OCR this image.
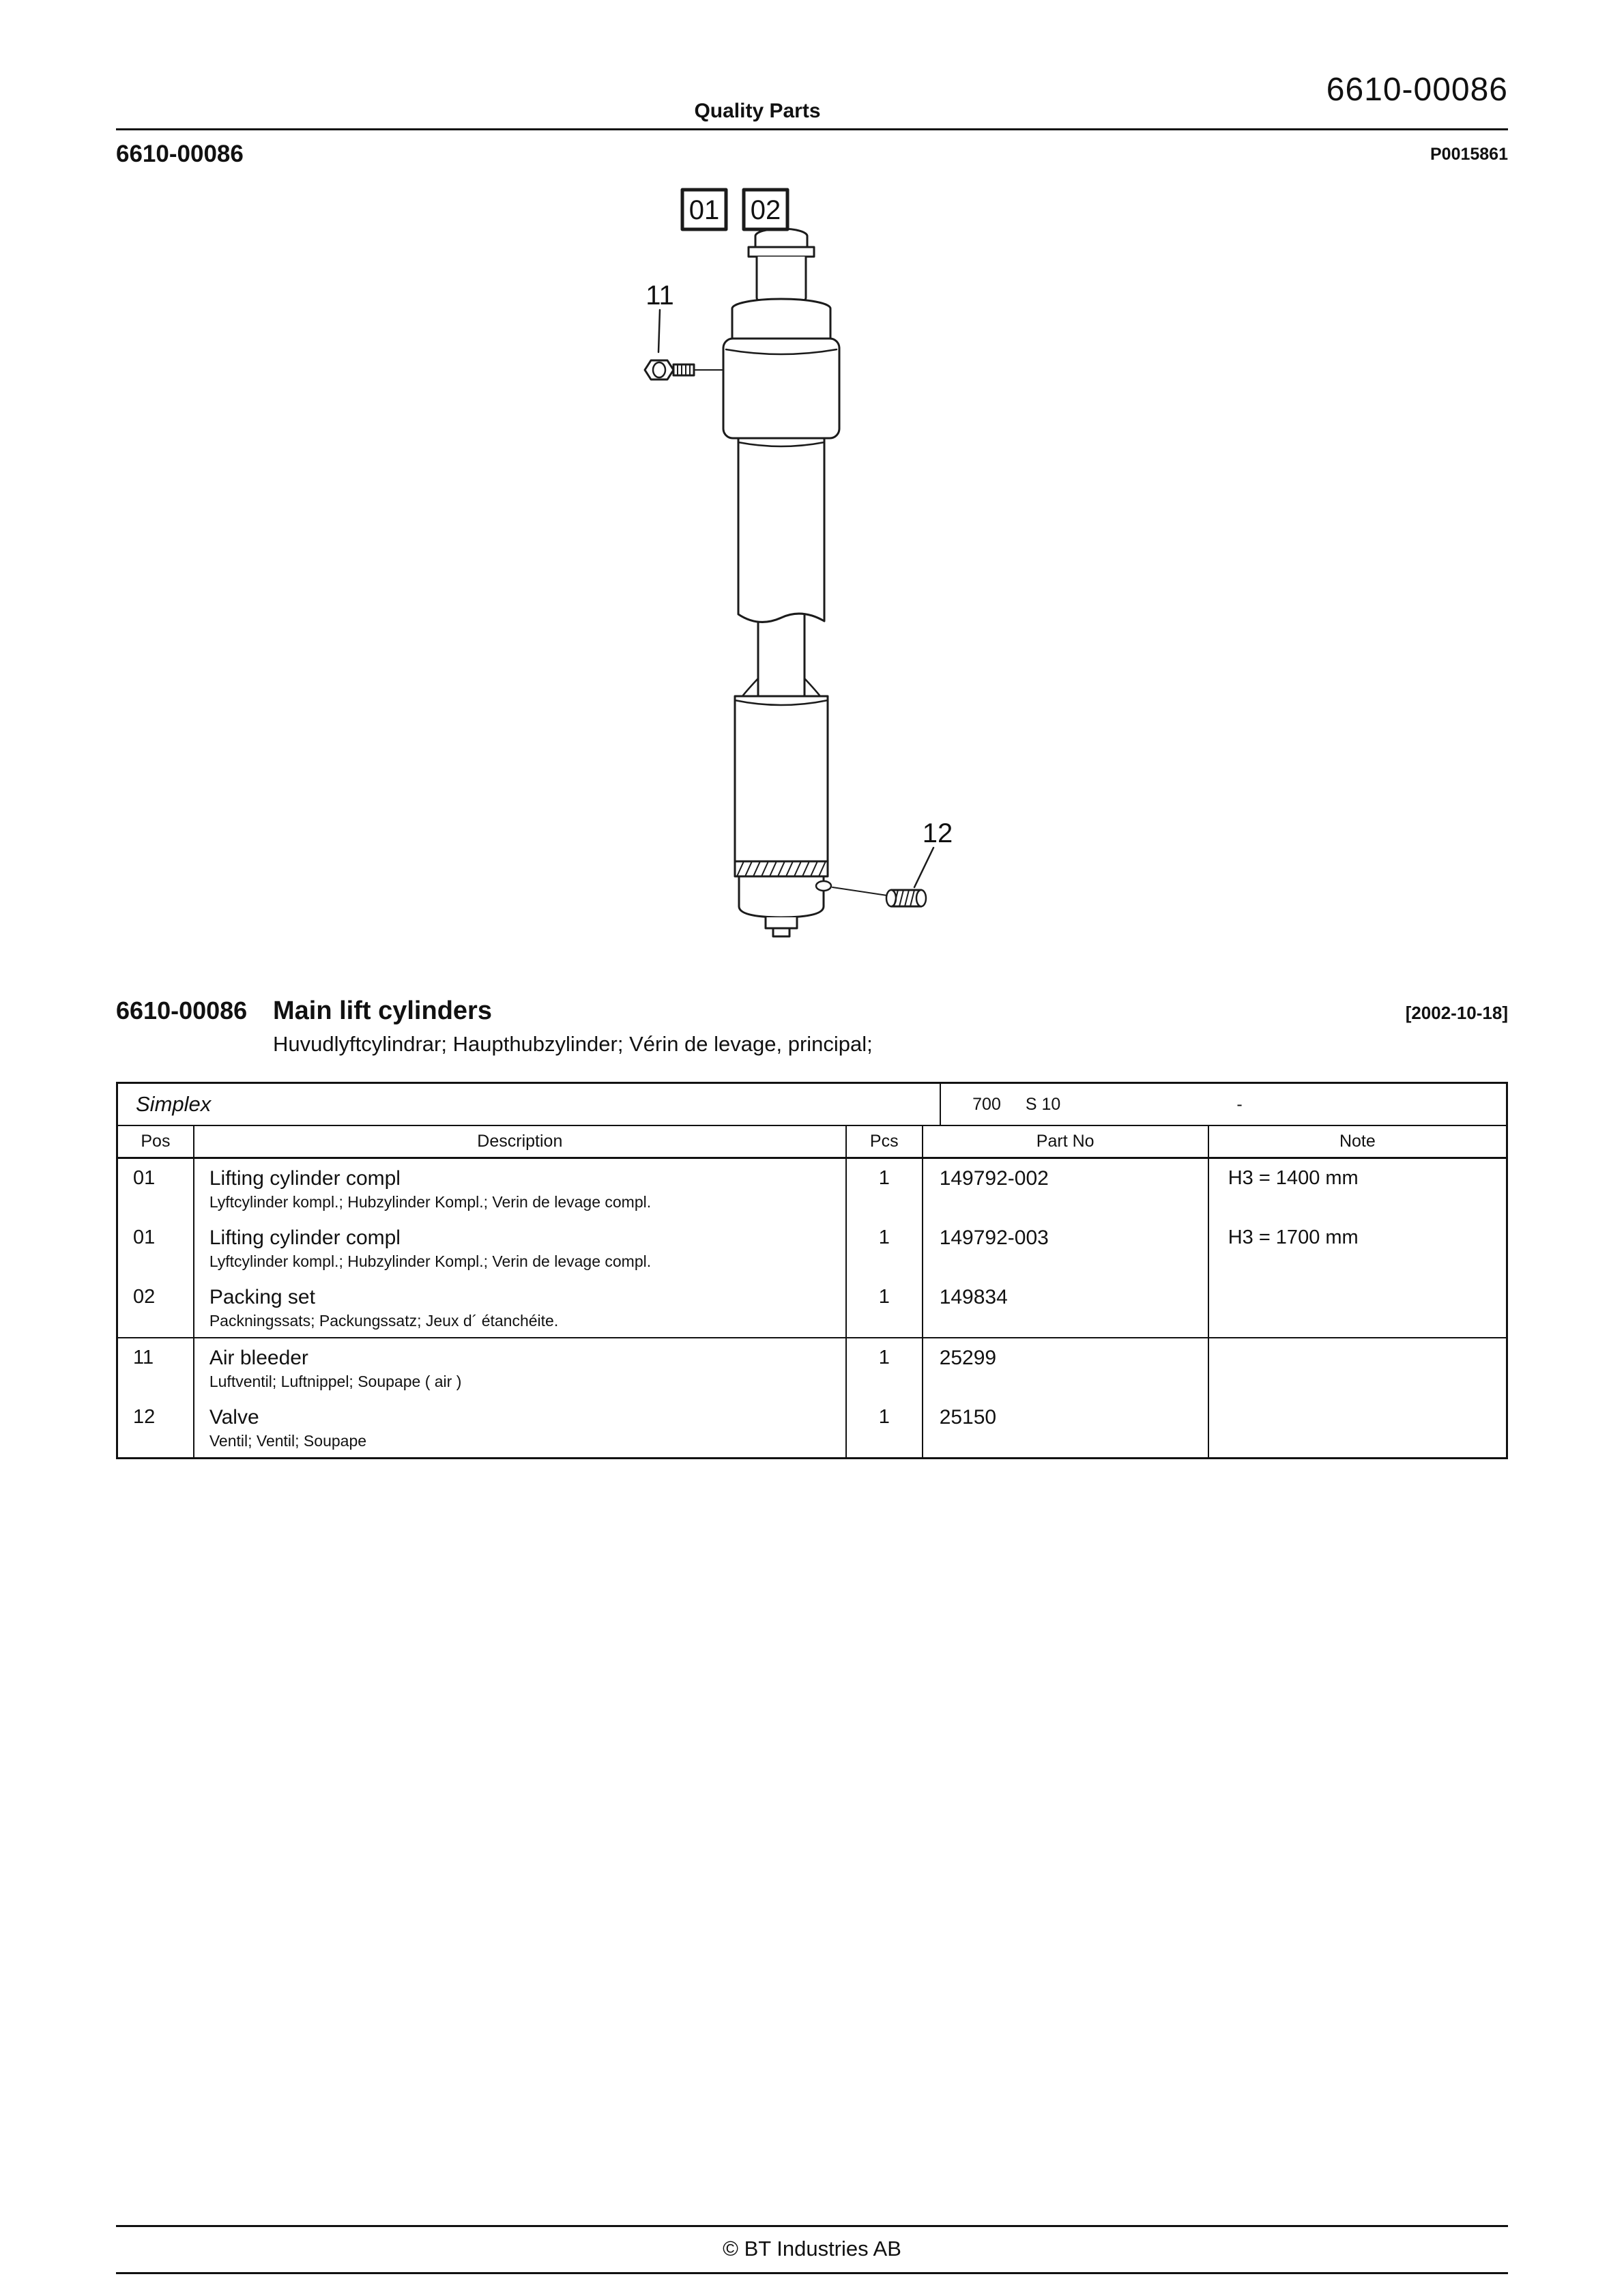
6610-00086
Quality Parts
6610-00086	P0015861
01 02
11
12
6610-00086 Main lift cylinders	[2002-10-18]
Huvudlyftcylindrar; Haupthubzylinder; Vérin de levage, principal;
Simplex	700 S 10	-
Pos	Description	Pcs	Part No	Note
01	Lifting cylinder compl
Lyftcylinder kompl.; Hubzylinder Kompl.; Verin de levage compl.	1	149792-002	H3 = 1400 mm
01	Lifting cylinder compl
Lyftcylinder kompl.; Hubzylinder Kompl.; Verin de levage compl.	1	149792-003	H3 = 1700 mm
02	Packing set
Packningssats; Packungssatz; Jeux d´ étanchéite.	1	149834	
11	Air bleeder
Luftventil; Luftnippel; Soupape ( air )	1	25299	
12	Valve
Ventil; Ventil; Soupape	1	25150	
© BT Industries AB
